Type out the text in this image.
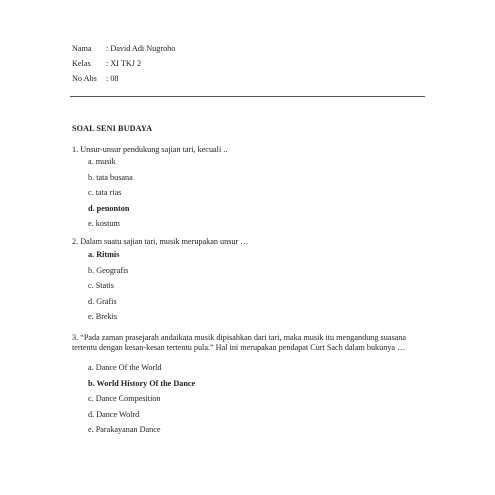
Nama : David Adi Nugroho
Kelas : XI TKJ 2
No Abs : 08
SOAL SENI BUDAYA
1. Unsur-unsur pendukung sajian tari, kecuali ..
a. musik
b. tata busana
c. tata rias
d. penonton
e. kostum
2. Dalam suatu sajian tari, musik merupakan unsur …
a. Ritmis
b. Geografis
c. Statis
d. Grafis
e. Brekis
3. “Pada zaman prasejarah andaikata musik dipisahkan dari tari, maka musik itu mengandung suasana tertentu dengan kesan-kesan tertentu pula.” Hal ini merupakan pendapat Curt Sach dalam bukunya …
a. Dance Of the World
b. World History Of the Dance
c. Dance Compesition
d. Dance Wolrd
e. Parakayanan Dance
